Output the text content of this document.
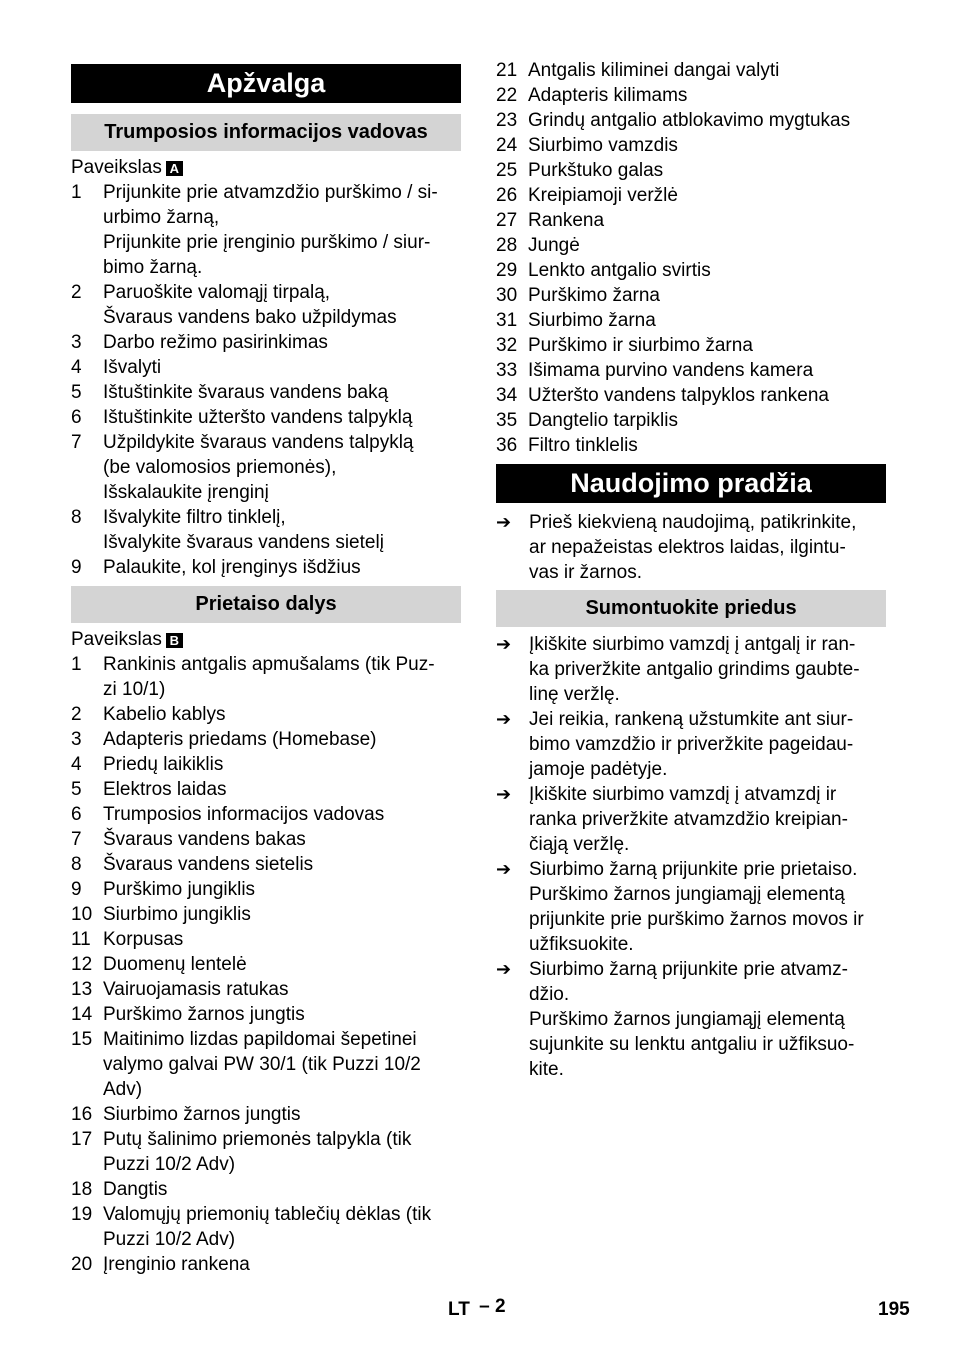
Apžvalga
Trumposios informacijos vadovas
Paveikslas A
1	Prijunkite prie atvamzdžio purškimo / si-
urbimo žarną,
Prijunkite prie įrenginio purškimo / siur-
bimo žarną.
2	Paruoškite valomąjį tirpalą,
Švaraus vandens bako užpildymas
3	Darbo režimo pasirinkimas
4	Išvalyti
5	Ištuštinkite švaraus vandens baką
6	Ištuštinkite užteršto vandens talpyklą
7	Užpildykite švaraus vandens talpyklą
(be valomosios priemonės),
Išskalaukite įrenginį
8	Išvalykite filtro tinklelį,
Išvalykite švaraus vandens sietelį
9	Palaukite, kol įrenginys išdžius
Prietaiso dalys
Paveikslas B
1	Rankinis antgalis apmušalams (tik Puz-
zi 10/1)
2	Kabelio kablys
3	Adapteris priedams (Homebase)
4	Priedų laikiklis
5	Elektros laidas
6	Trumposios informacijos vadovas
7	Švaraus vandens bakas
8	Švaraus vandens sietelis
9	Purškimo jungiklis
10 Siurbimo jungiklis
11 Korpusas
12 Duomenų lentelė
13 Vairuojamasis ratukas
14 Purškimo žarnos jungtis
15 Maitinimo lizdas papildomai šepetinei
valymo galvai PW 30/1 (tik Puzzi 10/2
Adv)
16 Siurbimo žarnos jungtis
17 Putų šalinimo priemonės talpykla (tik
Puzzi 10/2 Adv)
18 Dangtis
19 Valomųjų priemonių tablečių dėklas (tik
Puzzi 10/2 Adv)
20 Įrenginio rankena
21 Antgalis kiliminei dangai valyti
22 Adapteris kilimams
23 Grindų antgalio atblokavimo mygtukas
24 Siurbimo vamzdis
25 Purkštuko galas
26 Kreipiamoji veržlė
27 Rankena
28 Jungė
29 Lenkto antgalio svirtis
30 Purškimo žarna
31 Siurbimo žarna
32 Purškimo ir siurbimo žarna
33 Išimama purvino vandens kamera
34 Užteršto vandens talpyklos rankena
35 Dangtelio tarpiklis
36 Filtro tinklelis
Naudojimo pradžia
➔ Prieš kiekvieną naudojimą, patikrinkite,
ar nepažeistas elektros laidas, ilgintu-
vas ir žarnos.
Sumontuokite priedus
➔ Įkiškite siurbimo vamzdį į antgalį ir ran-
ka priveržkite antgalio grindims gaubte-
linę veržlę.
➔ Jei reikia, rankeną užstumkite ant siur-
bimo vamzdžio ir priveržkite pageidau-
jamoje padėtyje.
➔ Įkiškite siurbimo vamzdį į atvamzdį ir
ranka priveržkite atvamzdžio kreipian-
čiąją veržlę.
➔ Siurbimo žarną prijunkite prie prietaiso.
Purškimo žarnos jungiamąjį elementą
prijunkite prie purškimo žarnos movos ir
užfiksuokite.
➔ Siurbimo žarną prijunkite prie atvamz-
džio.
Purškimo žarnos jungiamąjį elementą
sujunkite su lenktu antgaliu ir užfiksuo-
kite.
LT – 2	195
